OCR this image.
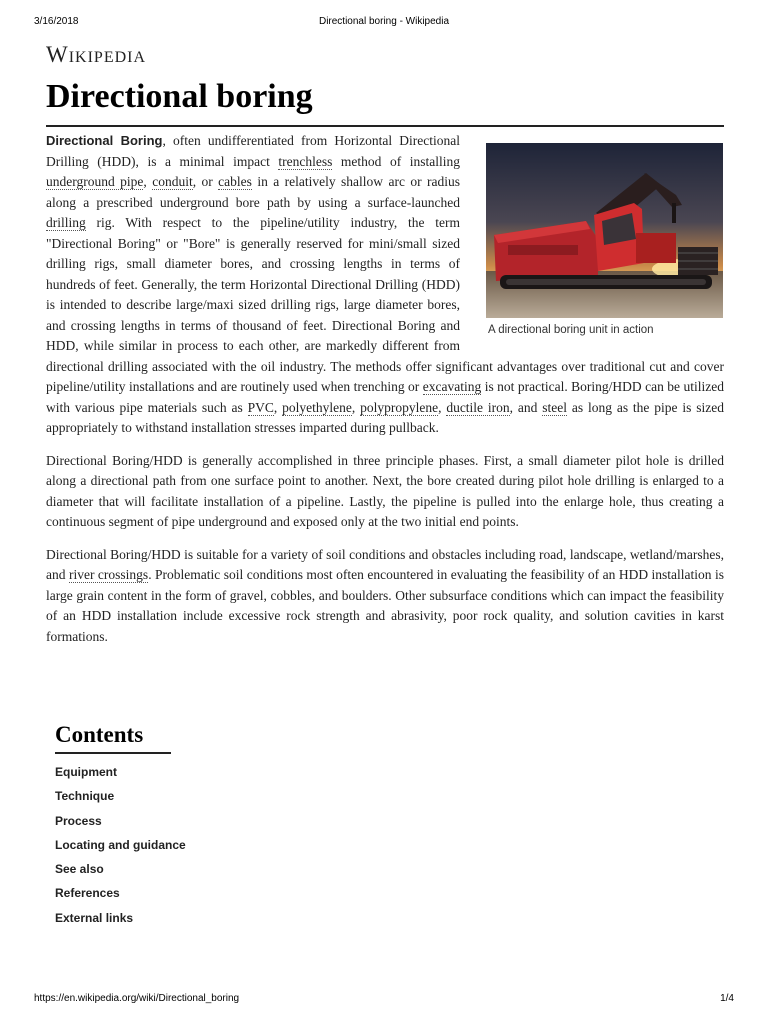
3/16/2018	Directional boring - Wikipedia
Wikipedia
Directional boring
A directional boring unit in action

Directional Boring, often undifferentiated from Horizontal Directional Drilling (HDD), is a minimal impact trenchless method of installing underground pipe, conduit, or cables in a relatively shallow arc or radius along a prescribed underground bore path by using a surface-launched drilling rig. With respect to the pipeline/utility industry, the term "Directional Boring" or "Bore" is generally reserved for mini/small sized drilling rigs, small diameter bores, and crossing lengths in terms of hundreds of feet. Generally, the term Horizontal Directional Drilling (HDD) is intended to describe large/maxi sized drilling rigs, large diameter bores, and crossing lengths in terms of thousand of feet. Directional Boring and HDD, while similar in process to each other, are markedly different from directional drilling associated with the oil industry. The methods offer significant advantages over traditional cut and cover pipeline/utility installations and are routinely used when trenching or excavating is not practical. Boring/HDD can be utilized with various pipe materials such as PVC, polyethylene, polypropylene, ductile iron, and steel as long as the pipe is sized appropriately to withstand installation stresses imparted during pullback.

Directional Boring/HDD is generally accomplished in three principle phases. First, a small diameter pilot hole is drilled along a directional path from one surface point to another. Next, the bore created during pilot hole drilling is enlarged to a diameter that will facilitate installation of a pipeline. Lastly, the pipeline is pulled into the enlarge hole, thus creating a continuous segment of pipe underground and exposed only at the two initial end points.

Directional Boring/HDD is suitable for a variety of soil conditions and obstacles including road, landscape, wetland/marshes, and river crossings. Problematic soil conditions most often encountered in evaluating the feasibility of an HDD installation is large grain content in the form of gravel, cobbles, and boulders. Other subsurface conditions which can impact the feasibility of an HDD installation include excessive rock strength and abrasivity, poor rock quality, and solution cavities in karst formations.

Contents
Equipment
Technique
Process
Locating and guidance
See also
References
External links
https://en.wikipedia.org/wiki/Directional_boring	1/4
